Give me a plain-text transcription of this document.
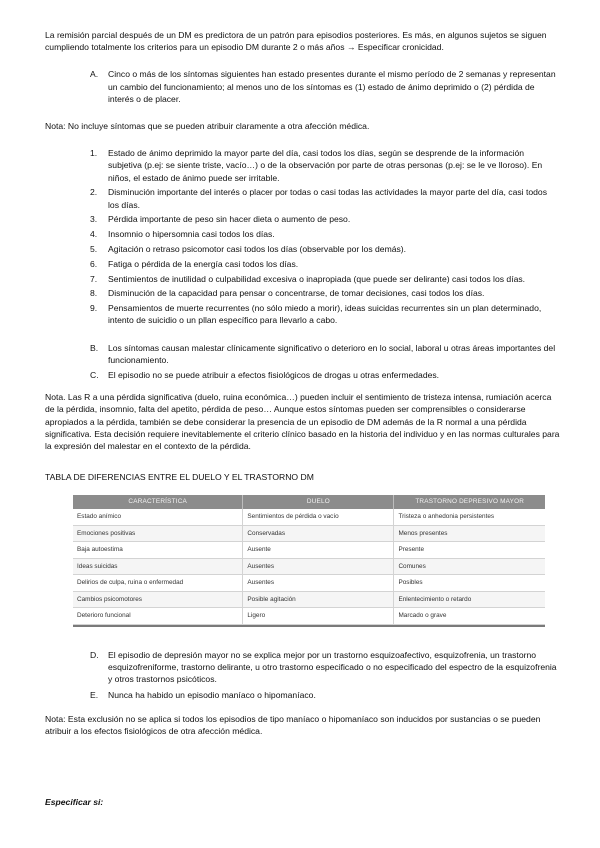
La remisión parcial después de un DM es predictora de un patrón para episodios posteriores. Es más, en algunos sujetos se siguen cumpliendo totalmente los criterios para un episodio DM durante 2 o más años → Especificar cronicidad.

A.	Cinco o más de los síntomas siguientes han estado presentes durante el mismo período de 2 semanas y representan un cambio del funcionamiento; al menos uno de los síntomas es (1) estado de ánimo deprimido o (2) pérdida de interés o de placer.

Nota: No incluye síntomas que se pueden atribuir claramente a otra afección médica.

1.	Estado de ánimo deprimido la mayor parte del día, casi todos los días, según se desprende de la información subjetiva (p.ej: se siente triste, vacío…) o de la observación por parte de otras personas (p.ej: se le ve lloroso). En niños, el estado de ánimo puede ser irritable.
2.	Disminución importante del interés o placer por todas o casi todas las actividades la mayor parte del día, casi todos los días.
3.	Pérdida importante de peso sin hacer dieta o aumento de peso.
4.	Insomnio o hipersomnia casi todos los días.
5.	Agitación o retraso psicomotor casi todos los días (observable por los demás).
6.	Fatiga o pérdida de la energía casi todos los días.
7.	Sentimientos de inutilidad o culpabilidad excesiva o inapropiada (que puede ser delirante) casi todos los días.
8.	Disminución de la capacidad para pensar o concentrarse, de tomar decisiones, casi todos los días.
9.	Pensamientos de muerte recurrentes (no sólo miedo a morir), ideas suicidas recurrentes sin un plan determinado, intento de suicidio o un pllan específico para llevarlo a cabo.
B.	Los síntomas causan malestar clínicamente significativo o deterioro en lo social, laboral u otras áreas importantes del funcionamiento.
C.	El episodio no se puede atribuir a efectos fisiológicos de drogas u otras enfermedades.

Nota. Las R a una pérdida significativa (duelo, ruina económica…) pueden incluir el sentimiento de tristeza intensa, rumiación acerca de la pérdida, insomnio, falta del apetito, pérdida de peso… Aunque estos síntomas pueden ser comprensibles o considerarse apropiados a la pérdida, también se debe considerar la presencia de un episodio de DM además de la R normal a una pérdida significativa. Esta decisión requiere inevitablemente el criterio clínico basado en la historia del individuo y en las normas culturales para la expresión del malestar en el contexto de la pérdida.

TABLA DE DIFERENCIAS ENTRE EL DUELO Y EL TRASTORNO DM

CARACTERÍSTICA	DUELO	TRASTORNO DEPRESIVO MAYOR
Estado anímico	Sentimientos de pérdida o vacío	Tristeza o anhedonia persistentes
Emociones positivas	Conservadas	Menos presentes
Baja autoestima	Ausente	Presente
Ideas suicidas	Ausentes	Comunes
Delirios de culpa, ruina o enfermedad	Ausentes	Posibles
Cambios psicomotores	Posible agitación	Enlentecimiento o retardo
Deterioro funcional	Ligero	Marcado o grave
D.	El episodio de depresión mayor no se explica mejor por un trastorno esquizoafectivo, esquizofrenia, un trastorno esquizofreniforme, trastorno delirante, u otro trastorno especificado o no especificado del espectro de la esquizofrenia y otros trastornos psicóticos.
E.	Nunca ha habido un episodio maníaco o hipomaníaco.

Nota: Esta exclusión no se aplica si todos los episodios de tipo maníaco o hipomaníaco son inducidos por sustancias o se pueden atribuir a los efectos fisiológicos de otra afección médica.

Especificar si:
